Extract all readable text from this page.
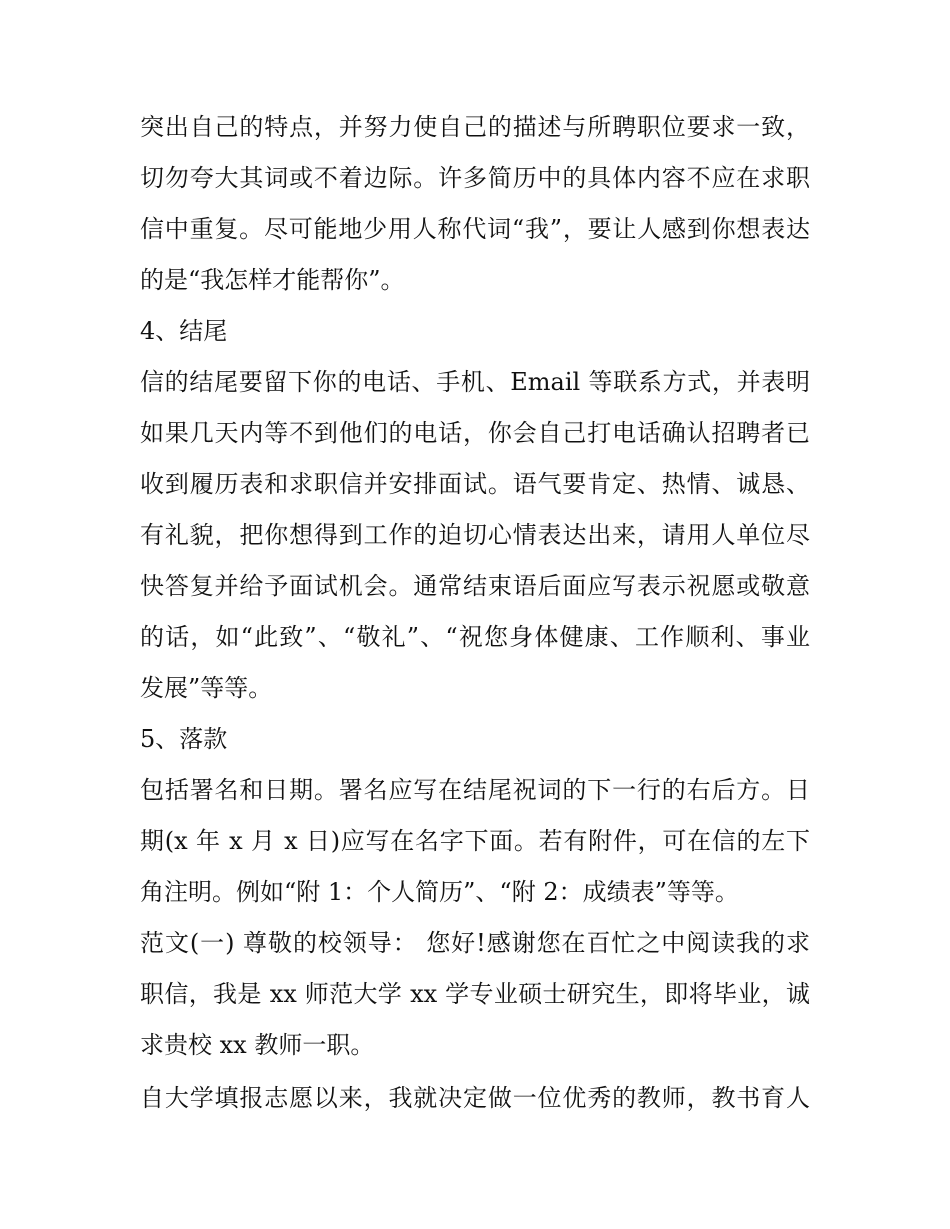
突出自己的特点，并努力使自己的描述与所聘职位要求一致，

切勿夸大其词或不着边际。许多简历中的具体内容不应在求职

信中重复。尽可能地少用人称代词“我”，要让人感到你想表达

的是“我怎样才能帮你”。

4、结尾

信的结尾要留下你的电话、手机、Email 等联系方式，并表明

如果几天内等不到他们的电话，你会自己打电话确认招聘者已

收到履历表和求职信并安排面试。语气要肯定、热情、诚恳、

有礼貌，把你想得到工作的迫切心情表达出来，请用人单位尽

快答复并给予面试机会。通常结束语后面应写表示祝愿或敬意

的话，如“此致”、“敬礼”、“祝您身体健康、工作顺利、事业

发展”等等。

5、落款

包括署名和日期。署名应写在结尾祝词的下一行的右后方。日

期(x 年 x 月 x 日)应写在名字下面。若有附件，可在信的左下

角注明。例如“附 1：个人简历”、“附 2：成绩表”等等。

范文(一) 尊敬的校领导： 您好!感谢您在百忙之中阅读我的求

职信，我是 xx 师范大学 xx 学专业硕士研究生，即将毕业，诚

求贵校 xx 教师一职。

自大学填报志愿以来，我就决定做一位优秀的教师，教书育人
